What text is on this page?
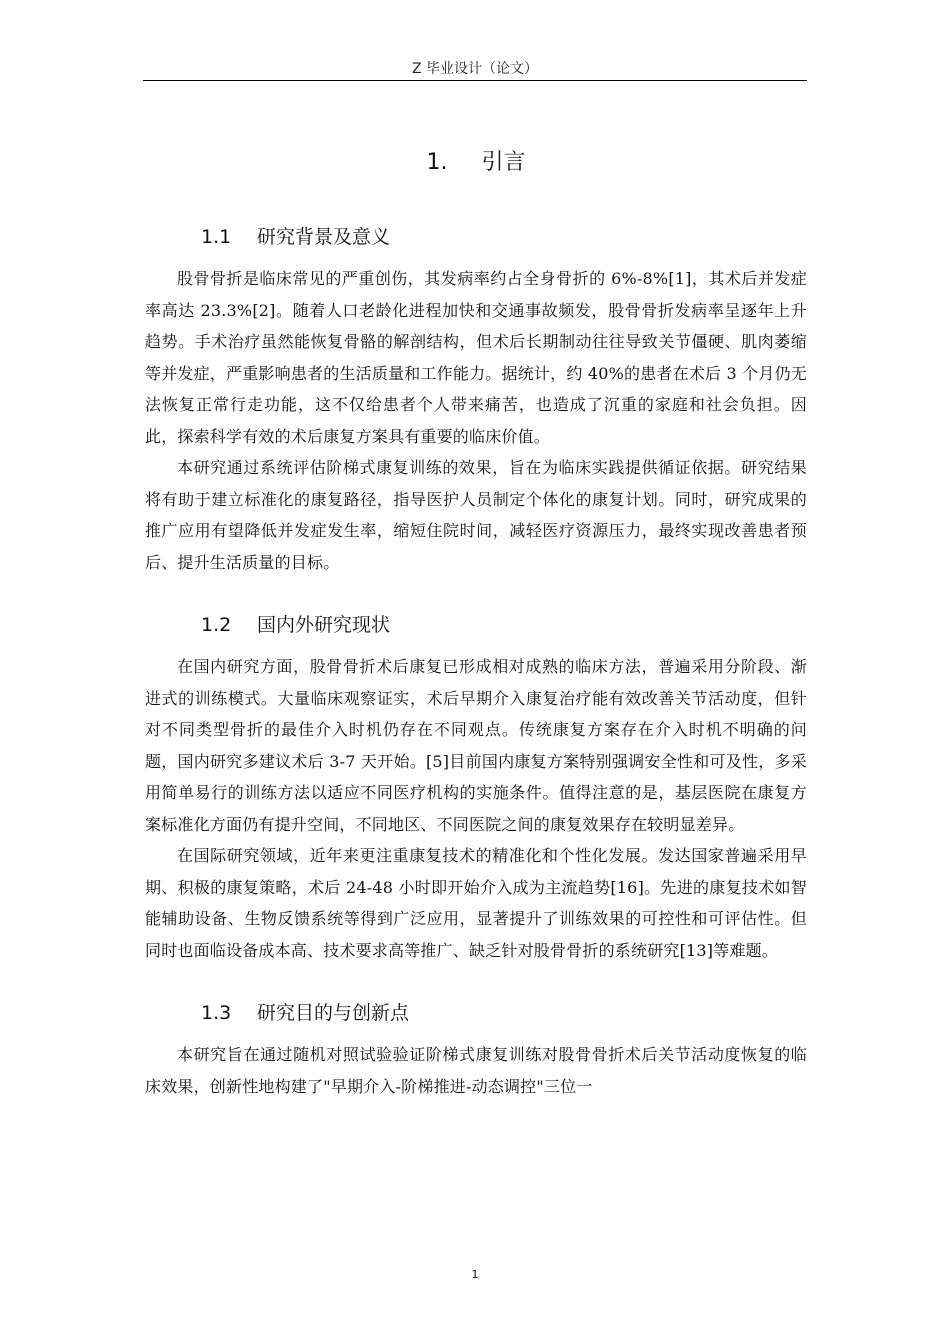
Z 毕业设计（论文）
1. 引言
1.1 研究背景及意义

股骨骨折是临床常见的严重创伤，其发病率约占全身骨折的 6%-8%[1]，其术后并发症率高达 23.3%[2]。随着人口老龄化进程加快和交通事故频发，股骨骨折发病率呈逐年上升趋势。手术治疗虽然能恢复骨骼的解剖结构，但术后长期制动往往导致关节僵硬、肌肉萎缩等并发症，严重影响患者的生活质量和工作能力。据统计，约 40%的患者在术后 3 个月仍无法恢复正常行走功能，这不仅给患者个人带来痛苦，也造成了沉重的家庭和社会负担。因此，探索科学有效的术后康复方案具有重要的临床价值。

本研究通过系统评估阶梯式康复训练的效果，旨在为临床实践提供循证依据。研究结果将有助于建立标准化的康复路径，指导医护人员制定个体化的康复计划。同时，研究成果的推广应用有望降低并发症发生率，缩短住院时间，减轻医疗资源压力，最终实现改善患者预后、提升生活质量的目标。

1.2 国内外研究现状

在国内研究方面，股骨骨折术后康复已形成相对成熟的临床方法，普遍采用分阶段、渐进式的训练模式。大量临床观察证实，术后早期介入康复治疗能有效改善关节活动度，但针对不同类型骨折的最佳介入时机仍存在不同观点。传统康复方案存在介入时机不明确的问题，国内研究多建议术后 3-7 天开始。[5]目前国内康复方案特别强调安全性和可及性，多采用简单易行的训练方法以适应不同医疗机构的实施条件。值得注意的是，基层医院在康复方案标准化方面仍有提升空间，不同地区、不同医院之间的康复效果存在较明显差异。

在国际研究领域，近年来更注重康复技术的精准化和个性化发展。发达国家普遍采用早期、积极的康复策略，术后 24-48 小时即开始介入成为主流趋势[16]。先进的康复技术如智能辅助设备、生物反馈系统等得到广泛应用，显著提升了训练效果的可控性和可评估性。但同时也面临设备成本高、技术要求高等推广、缺乏针对股骨骨折的系统研究[13]等难题。

1.3 研究目的与创新点

本研究旨在通过随机对照试验验证阶梯式康复训练对股骨骨折术后关节活动度恢复的临床效果，创新性地构建了"早期介入-阶梯推进-动态调控"三位一

1
